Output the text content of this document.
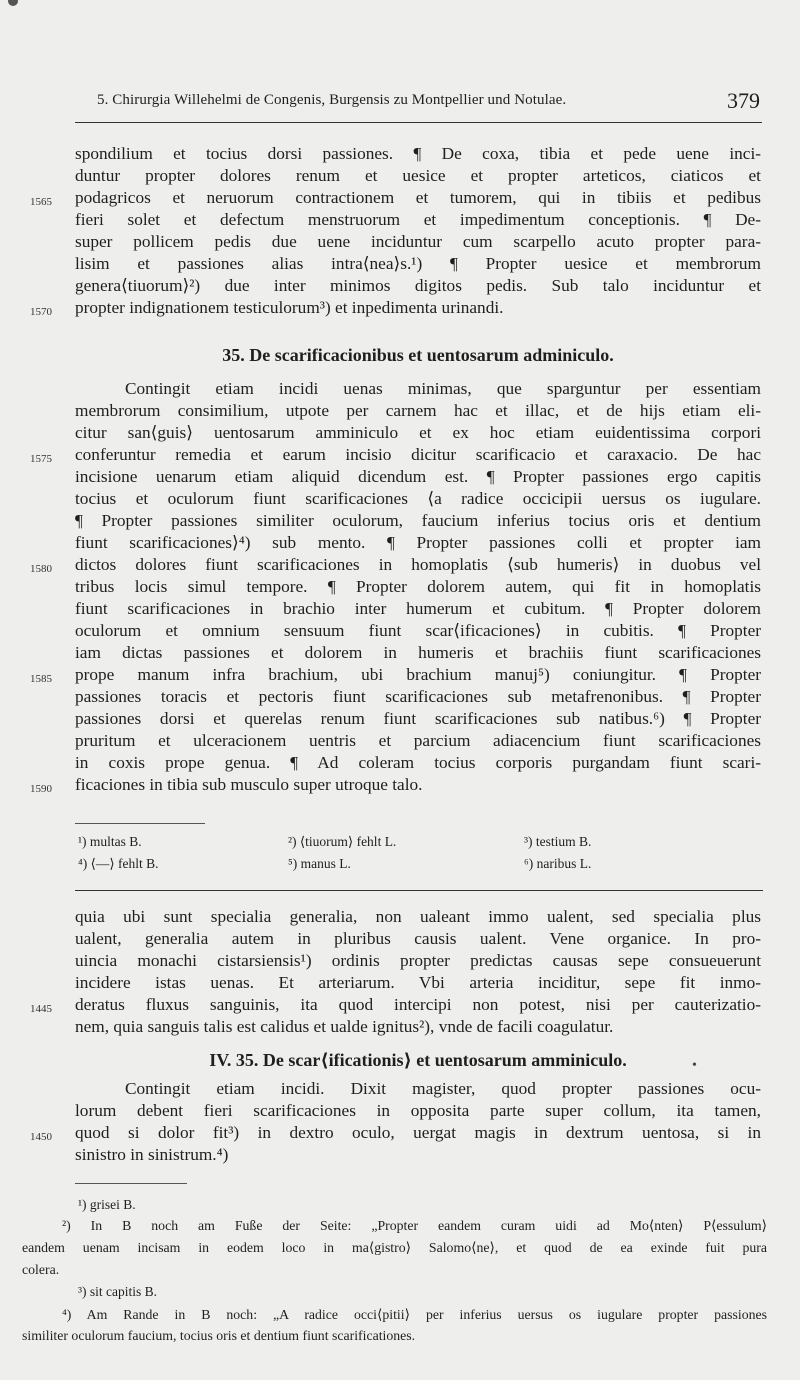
5. Chirurgia Willehelmi de Congenis, Burgensis zu Montpellier und Notulae.	379
spondilium et tocius dorsi passiones. ¶ De coxa, tibia et pede uene inci-
duntur propter dolores renum et uesice et propter arteticos, ciaticos et
1565	podagricos et neruorum contractionem et tumorem, qui in tibiis et pedibus
fieri solet et defectum menstruorum et impedimentum conceptionis. ¶ De-
super pollicem pedis due uene inciduntur cum scarpello acuto propter para-
lisim et passiones alias intra⟨nea⟩s.¹) ¶ Propter uesice et membrorum
genera⟨tiuorum⟩²) due inter minimos digitos pedis. Sub talo inciduntur et
1570	propter indignationem testiculorum³) et inpedimenta urinandi.
35. De scarificacionibus et uentosarum adminiculo.
Contingit etiam incidi uenas minimas, que sparguntur per essentiam
membrorum consimilium, utpote per carnem hac et illac, et de hijs etiam eli-
citur san⟨guis⟩ uentosarum amminiculo et ex hoc etiam euidentissima corpori
1575	conferuntur remedia et earum incisio dicitur scarificacio et caraxacio. De hac
incisione uenarum etiam aliquid dicendum est. ¶ Propter passiones ergo capitis
tocius et oculorum fiunt scarificaciones ⟨a radice occicipii uersus os iugulare.
¶ Propter passiones similiter oculorum, faucium inferius tocius oris et dentium
fiunt scarificaciones⟩⁴) sub mento. ¶ Propter passiones colli et propter iam
1580	dictos dolores fiunt scarificaciones in homoplatis ⟨sub humeris⟩ in duobus vel
tribus locis simul tempore. ¶ Propter dolorem autem, qui fit in homoplatis
fiunt scarificaciones in brachio inter humerum et cubitum. ¶ Propter dolorem
oculorum et omnium sensuum fiunt scar⟨ificaciones⟩ in cubitis. ¶ Propter
iam dictas passiones et dolorem in humeris et brachiis fiunt scarificaciones
1585	prope manum infra brachium, ubi brachium manuj⁵) coniungitur. ¶ Propter
passiones toracis et pectoris fiunt scarificaciones sub metafrenonibus. ¶ Propter
passiones dorsi et querelas renum fiunt scarificaciones sub natibus.⁶) ¶ Propter
pruritum et ulceracionem uentris et parcium adiacencium fiunt scarificaciones
in coxis prope genua. ¶ Ad coleram tocius corporis purgandam fiunt scari-
1590	ficaciones in tibia sub musculo super utroque talo.
¹) multas B.	²) ⟨tiuorum⟩ fehlt L.	³) testium B.
⁴) ⟨—⟩ fehlt B.	⁵) manus L.	⁶) naribus L.
quia ubi sunt specialia generalia, non ualeant immo ualent, sed specialia plus
ualent, generalia autem in pluribus causis ualent. Vene organice. In pro-
uincia monachi cistarsiensis¹) ordinis propter predictas causas sepe consueuerunt
incidere istas uenas. Et arteriarum. Vbi arteria inciditur, sepe fit inmo-
1445	deratus fluxus sanguinis, ita quod intercipi non potest, nisi per cauterizatio-
nem, quia sanguis talis est calidus et ualde ignitus²), vnde de facili coagulatur.
IV. 35. De scar⟨ificationis⟩ et uentosarum amminiculo.	•
Contingit etiam incidi. Dixit magister, quod propter passiones ocu-
lorum debent fieri scarificaciones in opposita parte super collum, ita tamen,
1450	quod si dolor fit³) in dextro oculo, uergat magis in dextrum uentosa, si in
sinistro in sinistrum.⁴)
¹) grisei B.
²) In B noch am Fuße der Seite: „Propter eandem curam uidi ad Mo⟨nten⟩ P⟨essulum⟩
eandem uenam incisam in eodem loco in ma⟨gistro⟩ Salomo⟨ne⟩, et quod de ea exinde fuit pura
colera.
³) sit capitis B.
⁴) Am Rande in B noch: „A radice occi⟨pitii⟩ per inferius uersus os iugulare propter passiones
similiter oculorum faucium, tocius oris et dentium fiunt scarificationes.
